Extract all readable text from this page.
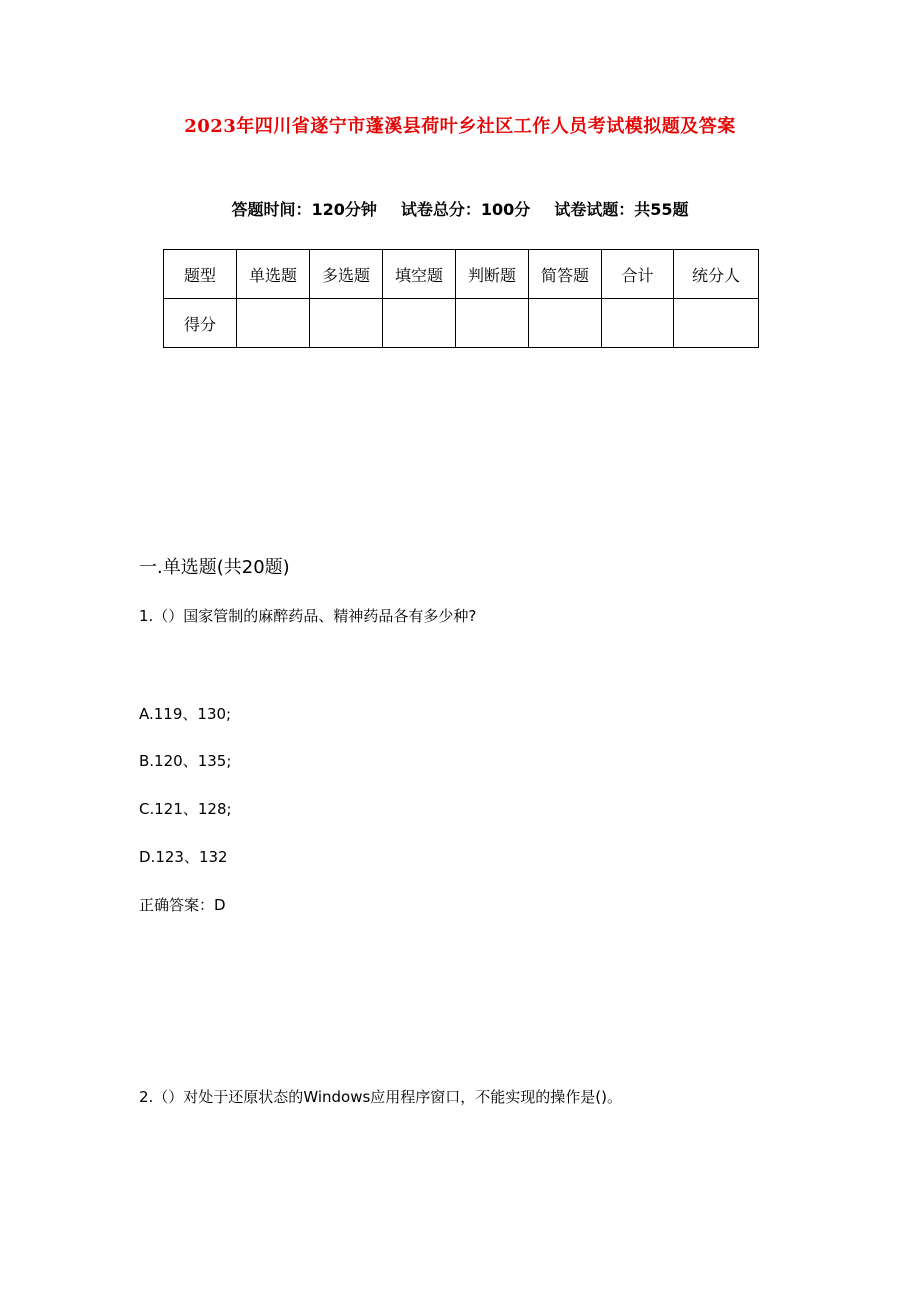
2023年四川省遂宁市蓬溪县荷叶乡社区工作人员考试模拟题及答案
答题时间：120分钟 试卷总分：100分 试卷试题：共55题
题型	单选题	多选题	填空题	判断题	简答题	合计	统分人
得分							
一.单选题(共20题)
1.（）国家管制的麻醉药品、精神药品各有多少种?
A.119、130;
B.120、135;
C.121、128;
D.123、132
正确答案：D
2.（）对处于还原状态的Windows应用程序窗口，不能实现的操作是()。
